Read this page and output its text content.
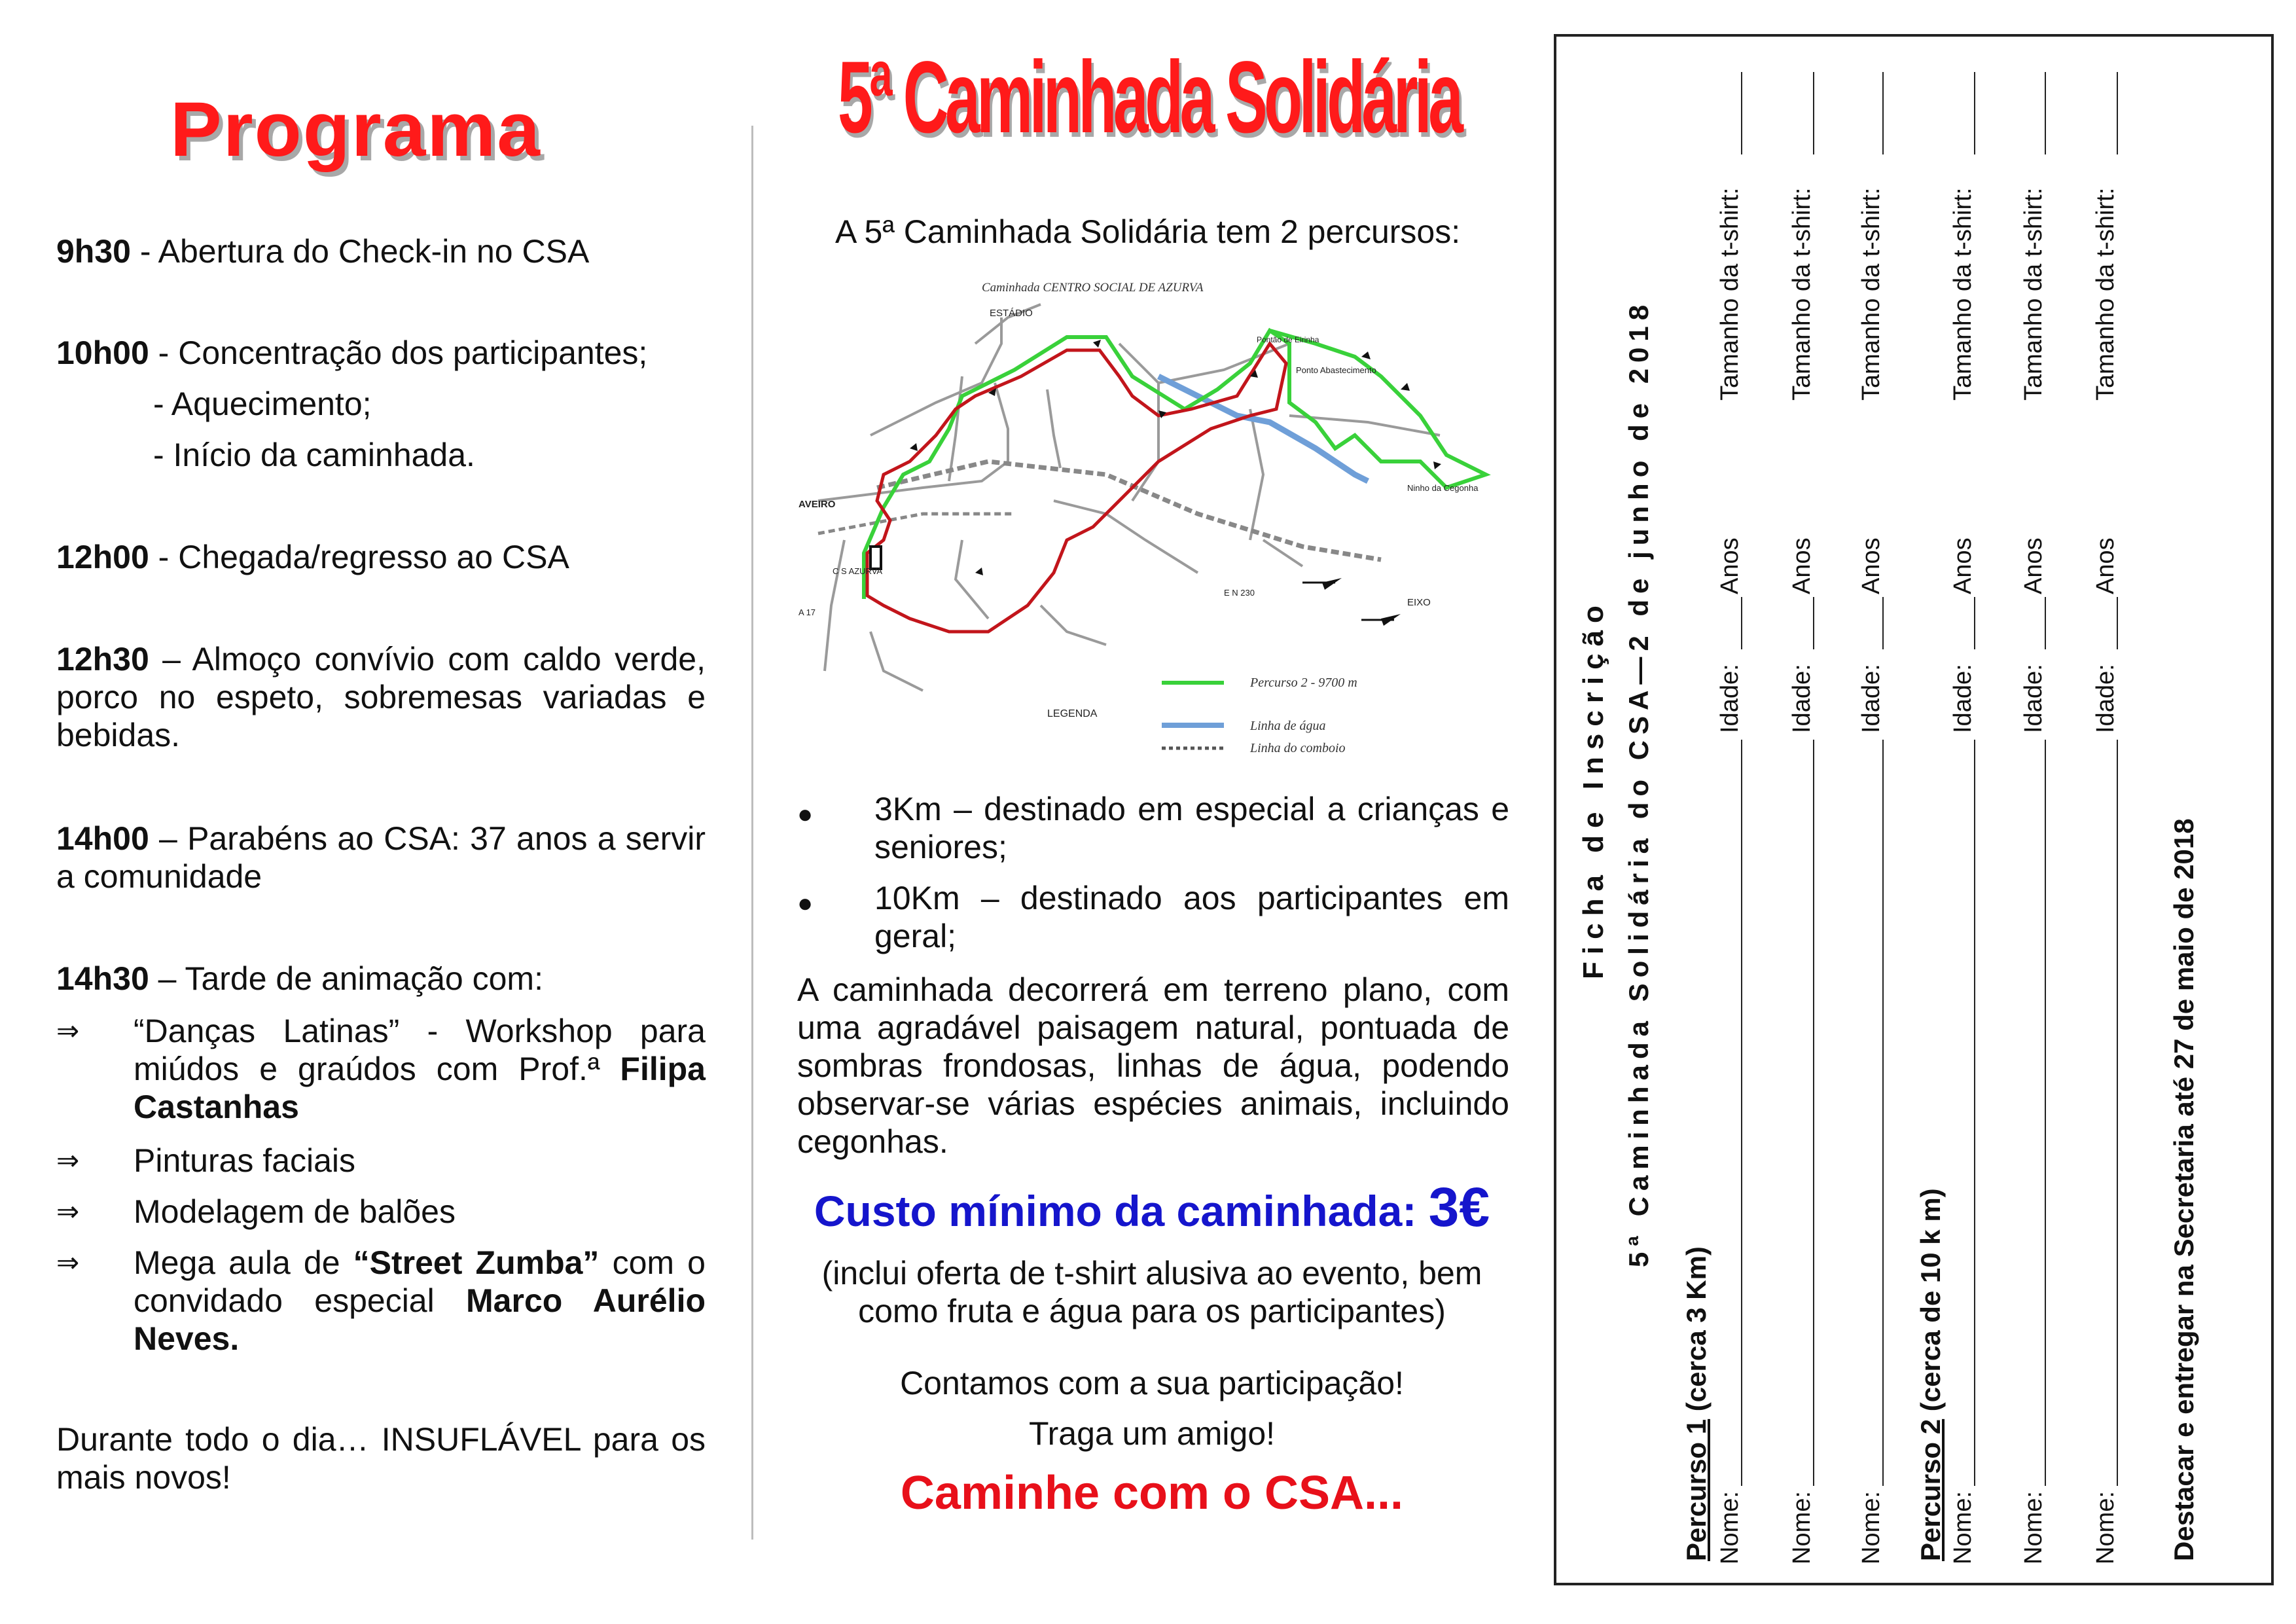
Programa
9h30 - Abertura do Check-in no CSA
10h00 - Concentração dos participantes;
- Aquecimento;
- Início da caminhada.
12h00 - Chegada/regresso ao CSA
12h30 – Almoço convívio com caldo verde, porco no espeto, sobremesas variadas e bebidas.
14h00 – Parabéns ao CSA: 37 anos a servir a comunidade
14h30 – Tarde de animação com:
⇒	“Danças Latinas” - Workshop para miúdos e graúdos com Prof.ª Filipa Castanhas
⇒	Pinturas faciais
⇒	Modelagem de balões
⇒	Mega aula de “Street Zumba” com o convidado especial Marco Aurélio Neves.
Durante todo o dia… INSUFLÁVEL para os mais novos!
5ª Caminhada Solidária
A 5ª Caminhada Solidária tem 2 percursos:
Caminhada CENTRO SOCIAL DE AZURVA
ESTÁDIO
Pontão de Eirinha
Ponto Abastecimento
Ninho da Cegonha
AVEIRO
C S AZURVA
A 17
E N 230
EIXO
LEGENDA
Percurso 2 - 9700 m
Linha de água
Linha do comboio
● 3Km – destinado em especial a crianças e seniores;
● 10Km – destinado aos participantes em geral;
A caminhada decorrerá em terreno plano, com uma agradável paisagem natural, pontuada de sombras frondosas, linhas de água, podendo observar-se várias espécies animais, incluindo cegonhas.
Custo mínimo da caminhada: 3€
(inclui oferta de t-shirt alusiva ao evento, bem como fruta e água para os participantes)
Contamos com a sua participação!
Traga um amigo!
Caminhe com o CSA...
Ficha de Inscrição 5ª Caminhada Solidária do CSA—2 de junho de 2018
Percurso 1 (cerca 3 Km)
Percurso 2 (cerca de 10 k m)	Destacar e entregar na Secretaria até 27 de maio de 2018
Nome:
Idade:
Anos
Tamanho da t-shirt:
Nome:
Idade:
Anos
Tamanho da t-shirt:
Nome:
Idade:
Anos
Tamanho da t-shirt:
Nome:
Idade:
Anos
Tamanho da t-shirt:
Nome:
Idade:
Anos
Tamanho da t-shirt:
Nome:
Idade:
Anos
Tamanho da t-shirt:
